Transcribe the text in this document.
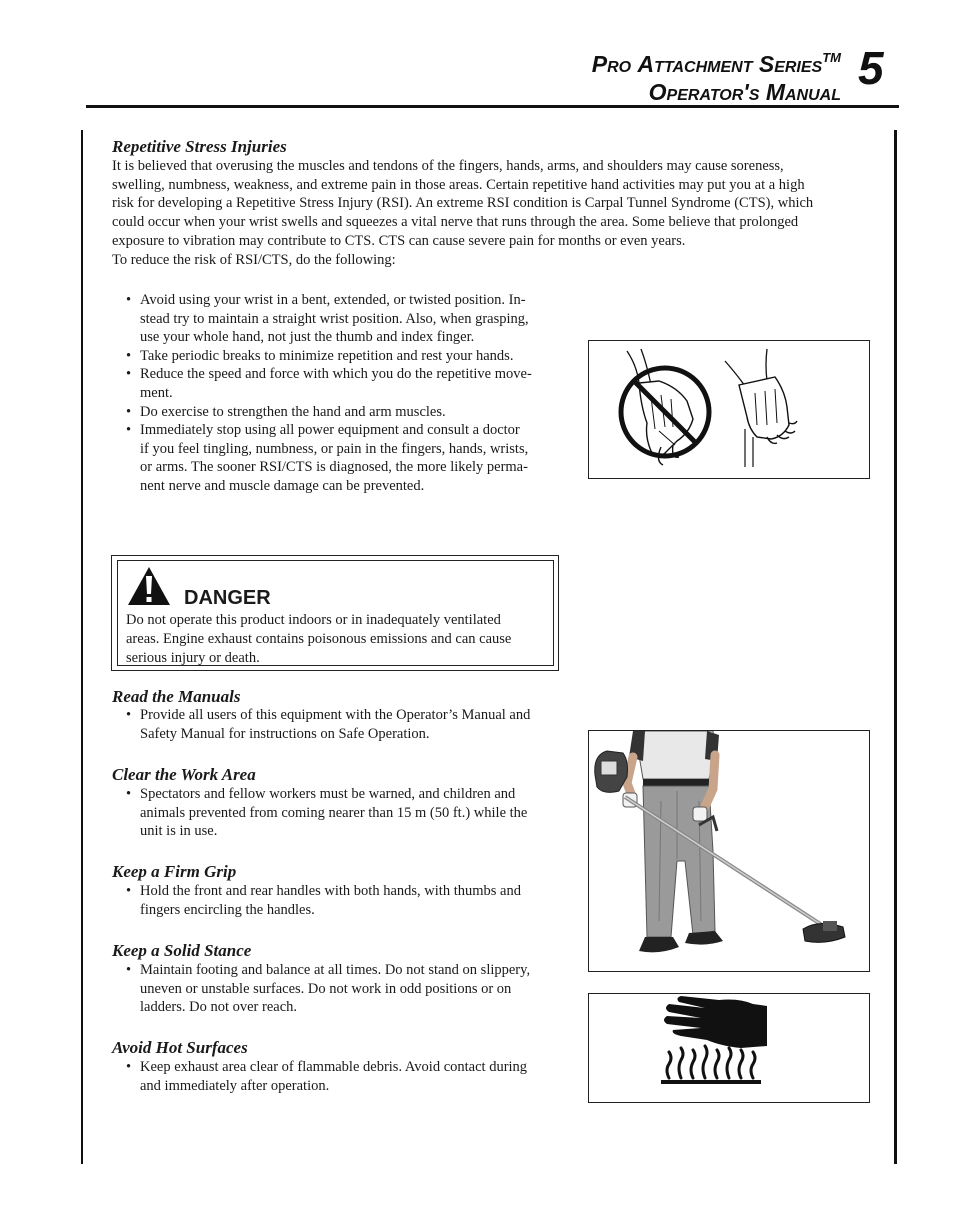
Pro Attachment Series™
Operator's Manual 5
Repetitive Stress Injuries
It is believed that overusing the muscles and tendons of the fingers, hands, arms, and shoulders may cause soreness,
swelling, numbness, weakness, and extreme pain in those areas. Certain repetitive hand activities may put you at a high
risk for developing a Repetitive Stress Injury (RSI). An extreme RSI condition is Carpal Tunnel Syndrome (CTS), which
could occur when your wrist swells and squeezes a vital nerve that runs through the area. Some believe that prolonged
exposure to vibration may contribute to CTS. CTS can cause severe pain for months or even years.
To reduce the risk of RSI/CTS, do the following:
• Avoid using your wrist in a bent, extended, or twisted position. In-
stead try to maintain a straight wrist position. Also, when grasping,
use your whole hand, not just the thumb and index finger.
• Take periodic breaks to minimize repetition and rest your hands.
• Reduce the speed and force with which you do the repetitive move-
ment.
• Do exercise to strengthen the hand and arm muscles.
• Immediately stop using all power equipment and consult a doctor
if you feel tingling, numbness, or pain in the fingers, hands, wrists,
or arms. The sooner RSI/CTS is diagnosed, the more likely perma-
nent nerve and muscle damage can be prevented.
DANGER
Do not operate this product indoors or in inadequately ventilated
areas. Engine exhaust contains poisonous emissions and can cause
serious injury or death.
Read the Manuals
• Provide all users of this equipment with the Operator’s Manual and
Safety Manual for instructions on Safe Operation.
Clear the Work Area
• Spectators and fellow workers must be warned, and children and
animals prevented from coming nearer than 15 m (50 ft.) while the
unit is in use.
Keep a Firm Grip
• Hold the front and rear handles with both hands, with thumbs and
fingers encircling the handles.
Keep a Solid Stance
• Maintain footing and balance at all times. Do not stand on slippery,
uneven or unstable surfaces. Do not work in odd positions or on
ladders. Do not over reach.
Avoid Hot Surfaces
• Keep exhaust area clear of flammable debris. Avoid contact during
and immediately after operation.
